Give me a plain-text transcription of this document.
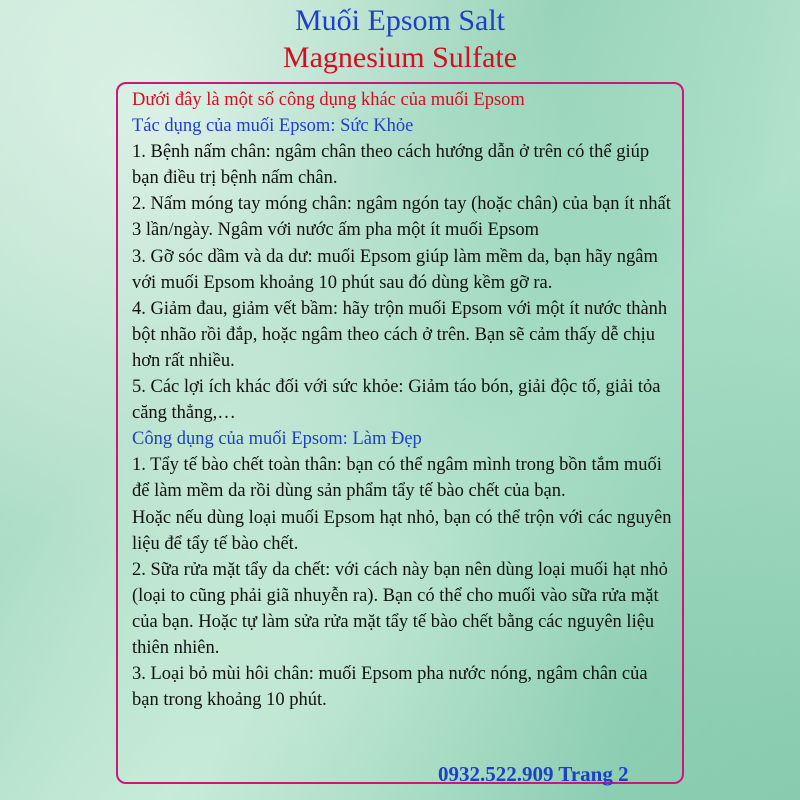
Muối Epsom Salt
Magnesium Sulfate

Dưới đây là một số công dụng khác của muối Epsom

Tác dụng của muối Epsom: Sức Khỏe

1. Bệnh nấm chân: ngâm chân theo cách hướng dẫn ở trên có thể giúp bạn điều trị bệnh nấm chân.

2. Nấm móng tay móng chân: ngâm ngón tay (hoặc chân) của bạn ít nhất 3 lần/ngày. Ngâm với nước ấm pha một ít muối Epsom

3. Gỡ sóc dầm và da dư: muối Epsom giúp làm mềm da, bạn hãy ngâm với muối Epsom khoảng 10 phút sau đó dùng kềm gỡ ra.

4. Giảm đau, giảm vết bầm: hãy trộn muối Epsom với một ít nước thành bột nhão rồi đắp, hoặc ngâm theo cách ở trên. Bạn sẽ cảm thấy dễ chịu hơn rất nhiều.

5. Các lợi ích khác đối với sức khỏe: Giảm táo bón, giải độc tố, giải tỏa căng thẳng,…

Công dụng của muối Epsom: Làm Đẹp

1. Tẩy tế bào chết toàn thân: bạn có thể ngâm mình trong bồn tắm muối để làm mềm da rồi dùng sản phẩm tẩy tế bào chết của bạn.

Hoặc nếu dùng loại muối Epsom hạt nhỏ, bạn có thể trộn với các nguyên liệu để tẩy tế bào chết.

2. Sữa rửa mặt tẩy da chết: với cách này bạn nên dùng loại muối hạt nhỏ (loại to cũng phải giã nhuyễn ra). Bạn có thể cho muối vào sữa rửa mặt của bạn. Hoặc tự làm sửa rửa mặt tẩy tế bào chết bằng các nguyên liệu thiên nhiên.

3. Loại bỏ mùi hôi chân: muối Epsom pha nước nóng, ngâm chân của bạn trong khoảng 10 phút.

0932.522.909 Trang 2
